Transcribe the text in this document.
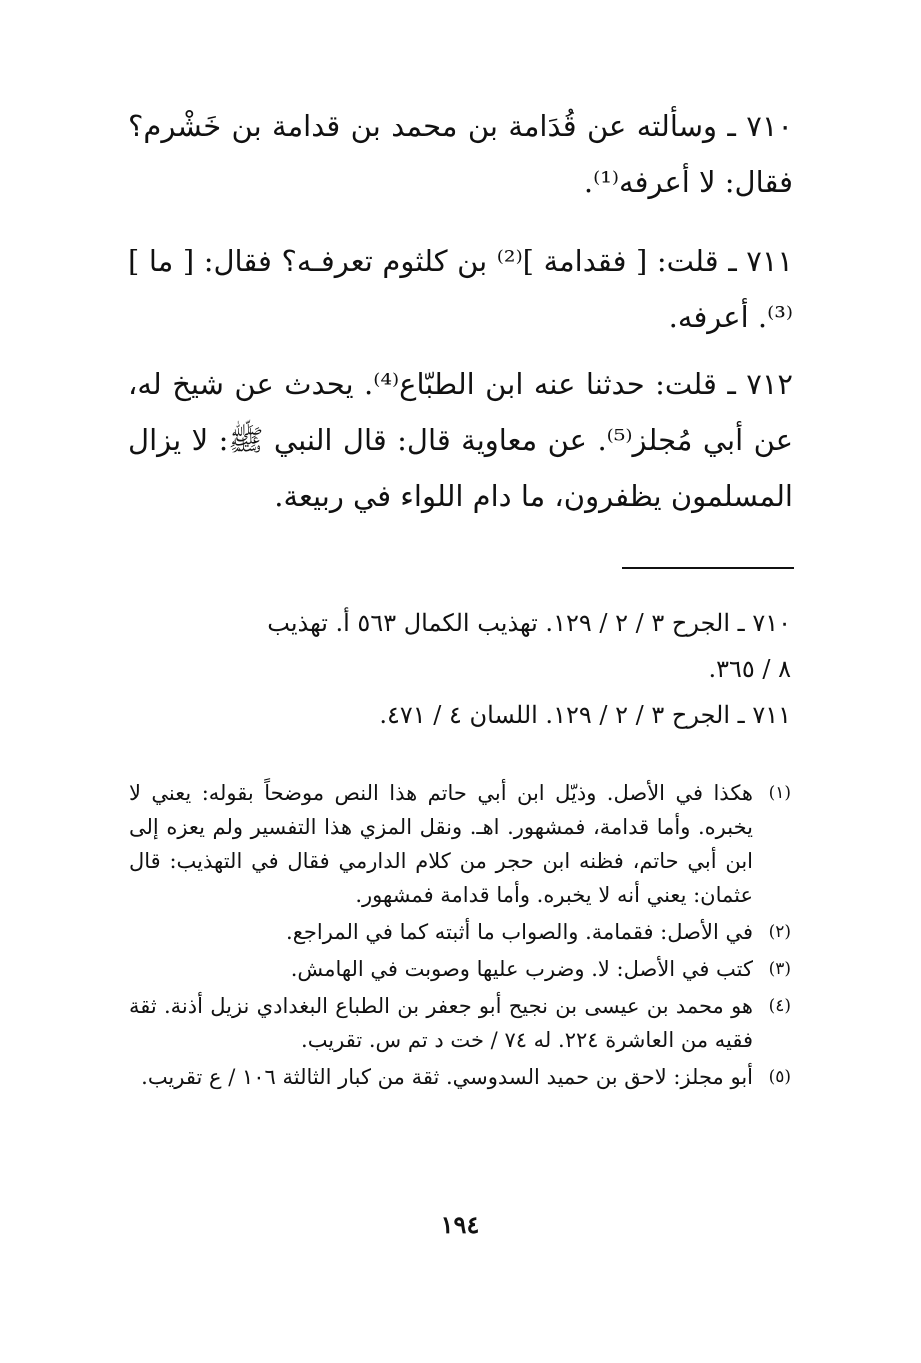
٧١٠ ـ وسألته عن قُدَامة بن محمد بن قدامة بن خَشْرم؟ فقال: لا أعرفه⁽¹⁾.

٧١١ ـ قلت: [ فقدامة ]⁽²⁾ بن كلثوم تعرفـه؟ فقال: [ ما ]⁽³⁾. أعرفه.

٧١٢ ـ قلت: حدثنا عنه ابن الطبّاع⁽⁴⁾. يحدث عن شيخ له، عن أبي مُجلز⁽⁵⁾. عن معاوية قال: قال النبي ﷺ: لا يزال المسلمون يظفرون، ما دام اللواء في ربيعة.

٧١٠ ـ الجرح ٣ / ٢ / ١٢٩. تهذيب الكمال ٥٦٣ أ. تهذيب

٨ / ٣٦٥.

٧١١ ـ الجرح ٣ / ٢ / ١٢٩. اللسان ٤ / ٤٧١.

(١)
هكذا في الأصل. وذيّل ابن أبي حاتم هذا النص موضحاً بقوله: يعني لا يخبره. وأما قدامة، فمشهور. اهـ. ونقل المزي هذا التفسير ولم يعزه إلى ابن أبي حاتم، فظنه ابن حجر من كلام الدارمي فقال في التهذيب: قال عثمان: يعني أنه لا يخبره. وأما قدامة فمشهور.
(٢)
في الأصل: فقمامة. والصواب ما أثبته كما في المراجع.
(٣)
كتب في الأصل: لا. وضرب عليها وصوبت في الهامش.
(٤)
هو محمد بن عيسى بن نجيح أبو جعفر بن الطباع البغدادي نزيل أذنة. ثقة فقيه من العاشرة ٢٢٤. له ٧٤ / خت د تم س. تقريب.
(٥)
أبو مجلز: لاحق بن حميد السدوسي. ثقة من كبار الثالثة ١٠٦ / ع تقريب.
١٩٤
